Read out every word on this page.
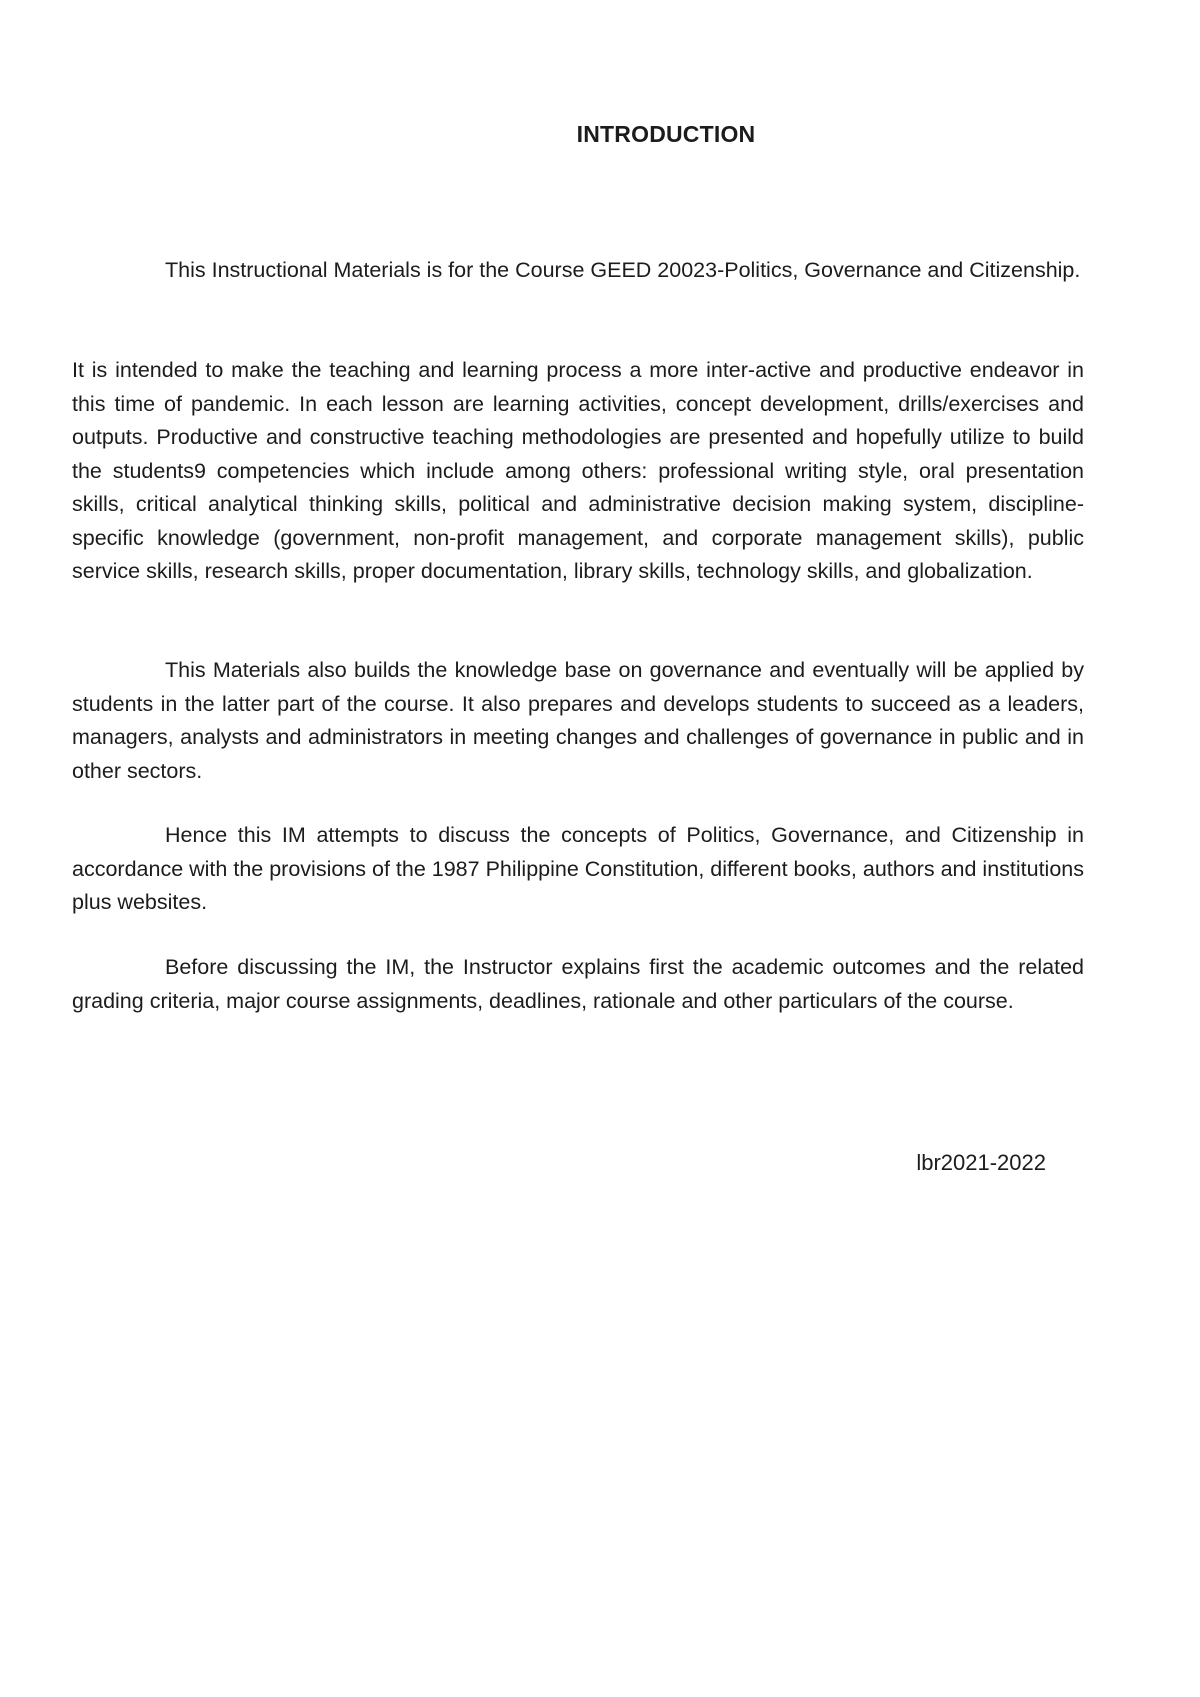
INTRODUCTION

This Instructional Materials is for the Course GEED 20023-Politics, Governance and Citizenship.

It is intended to make the teaching and learning process a more inter-active and productive endeavor in this time of pandemic. In each lesson are learning activities, concept development, drills/exercises and outputs. Productive and constructive teaching methodologies are presented and hopefully utilize to build the students9 competencies which include among others: professional writing style, oral presentation skills, critical analytical thinking skills, political and administrative decision making system, discipline-specific knowledge (government, non-profit management, and corporate management skills), public service skills, research skills, proper documentation, library skills, technology skills, and globalization.

This Materials also builds the knowledge base on governance and eventually will be applied by students in the latter part of the course. It also prepares and develops students to succeed as a leaders, managers, analysts and administrators in meeting changes and challenges of governance in public and in other sectors.

Hence this IM attempts to discuss the concepts of Politics, Governance, and Citizenship in accordance with the provisions of the 1987 Philippine Constitution, different books, authors and institutions plus websites.

Before discussing the IM, the Instructor explains first the academic outcomes and the related grading criteria, major course assignments, deadlines, rationale and other particulars of the course.

lbr2021-2022
